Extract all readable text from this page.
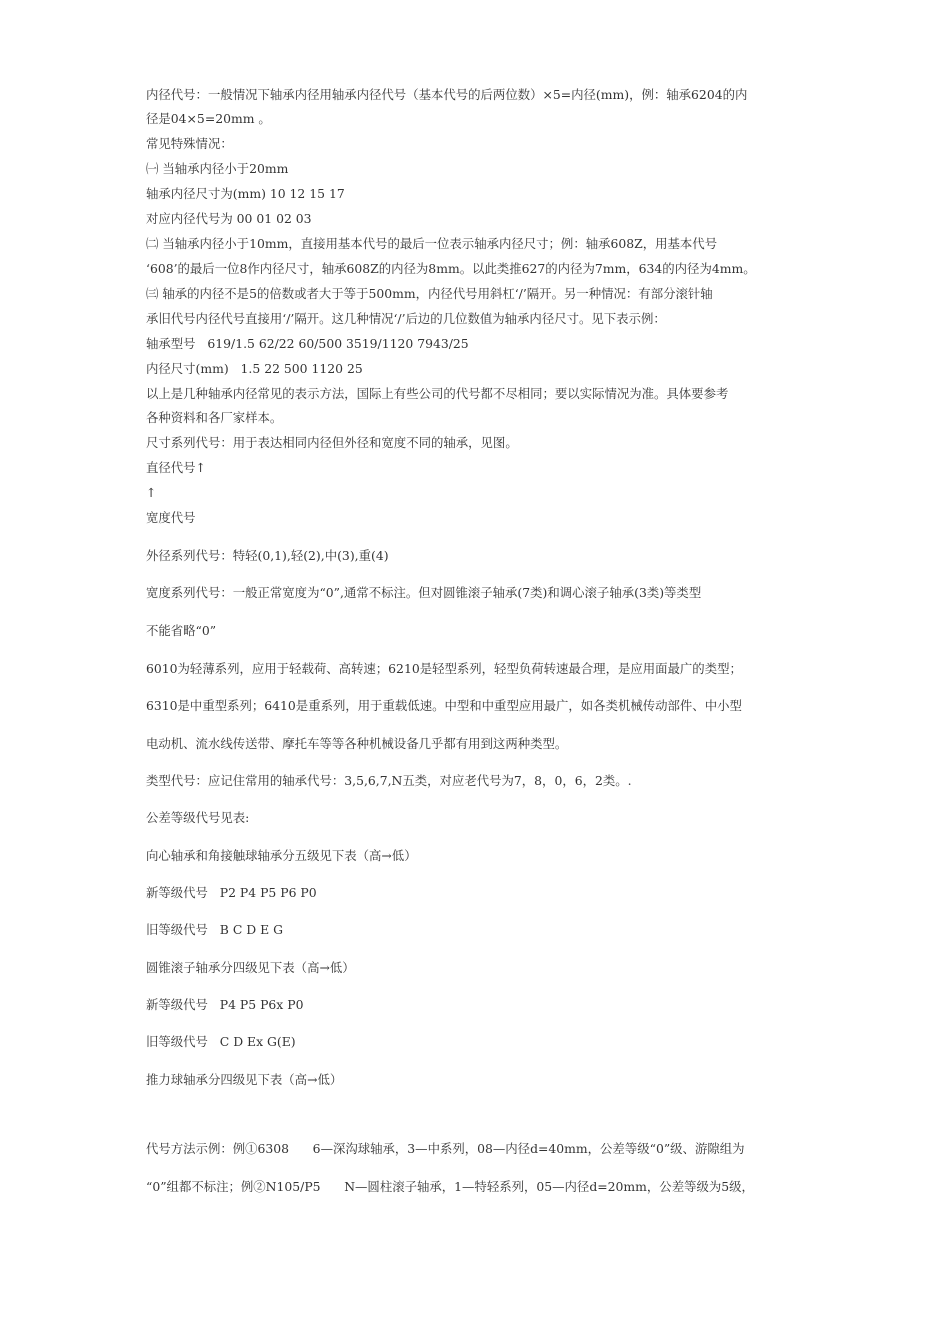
内径代号：一般情况下轴承内径用轴承内径代号（基本代号的后两位数）×5=内径(mm)，例：轴承6204的内
径是04×5=20mm 。
常见特殊情况：
㈠ 当轴承内径小于20mm
轴承内径尺寸为(mm) 10 12 15 17
对应内径代号为 00 01 02 03
㈡ 当轴承内径小于10mm，直接用基本代号的最后一位表示轴承内径尺寸；例：轴承608Z，用基本代号
‘608’的最后一位8作内径尺寸，轴承608Z的内径为8mm。以此类推627的内径为7mm，634的内径为4mm。
㈢ 轴承的内径不是5的倍数或者大于等于500mm，内径代号用斜杠‘/’隔开。另一种情况：有部分滚针轴
承旧代号内径代号直接用‘/’隔开。这几种情况‘/’后边的几位数值为轴承内径尺寸。见下表示例：
轴承型号   619/1.5 62/22 60/500 3519/1120 7943/25
内径尺寸(mm)   1.5 22 500 1120 25
以上是几种轴承内径常见的表示方法，国际上有些公司的代号都不尽相同；要以实际情况为准。具体要参考
各种资料和各厂家样本。
尺寸系列代号：用于表达相同内径但外径和宽度不同的轴承，见图。
直径代号↑
↑
宽度代号
外径系列代号：特轻(0,1),轻(2),中(3),重(4)
宽度系列代号：一般正常宽度为“0”,通常不标注。但对圆锥滚子轴承(7类)和调心滚子轴承(3类)等类型
不能省略“0”
6010为轻薄系列，应用于轻载荷、高转速；6210是轻型系列，轻型负荷转速最合理，是应用面最广的类型；
6310是中重型系列；6410是重系列，用于重载低速。中型和中重型应用最广，如各类机械传动部件、中小型
电动机、流水线传送带、摩托车等等各种机械设备几乎都有用到这两种类型。
类型代号：应记住常用的轴承代号：3,5,6,7,N五类，对应老代号为7，8，0，6，2类。.
公差等级代号见表:
向心轴承和角接触球轴承分五级见下表（高→低）
新等级代号   P2 P4 P5 P6 P0
旧等级代号   B C D E G
圆锥滚子轴承分四级见下表（高→低）
新等级代号   P4 P5 P6x P0
旧等级代号   C D Ex G(E)
推力球轴承分四级见下表（高→低）
代号方法示例：例①6308      6—深沟球轴承，3—中系列，08—内径d=40mm，公差等级“0”级、游隙组为
“0”组都不标注；例②N105/P5      N—圆柱滚子轴承，1—特轻系列，05—内径d=20mm，公差等级为5级，
